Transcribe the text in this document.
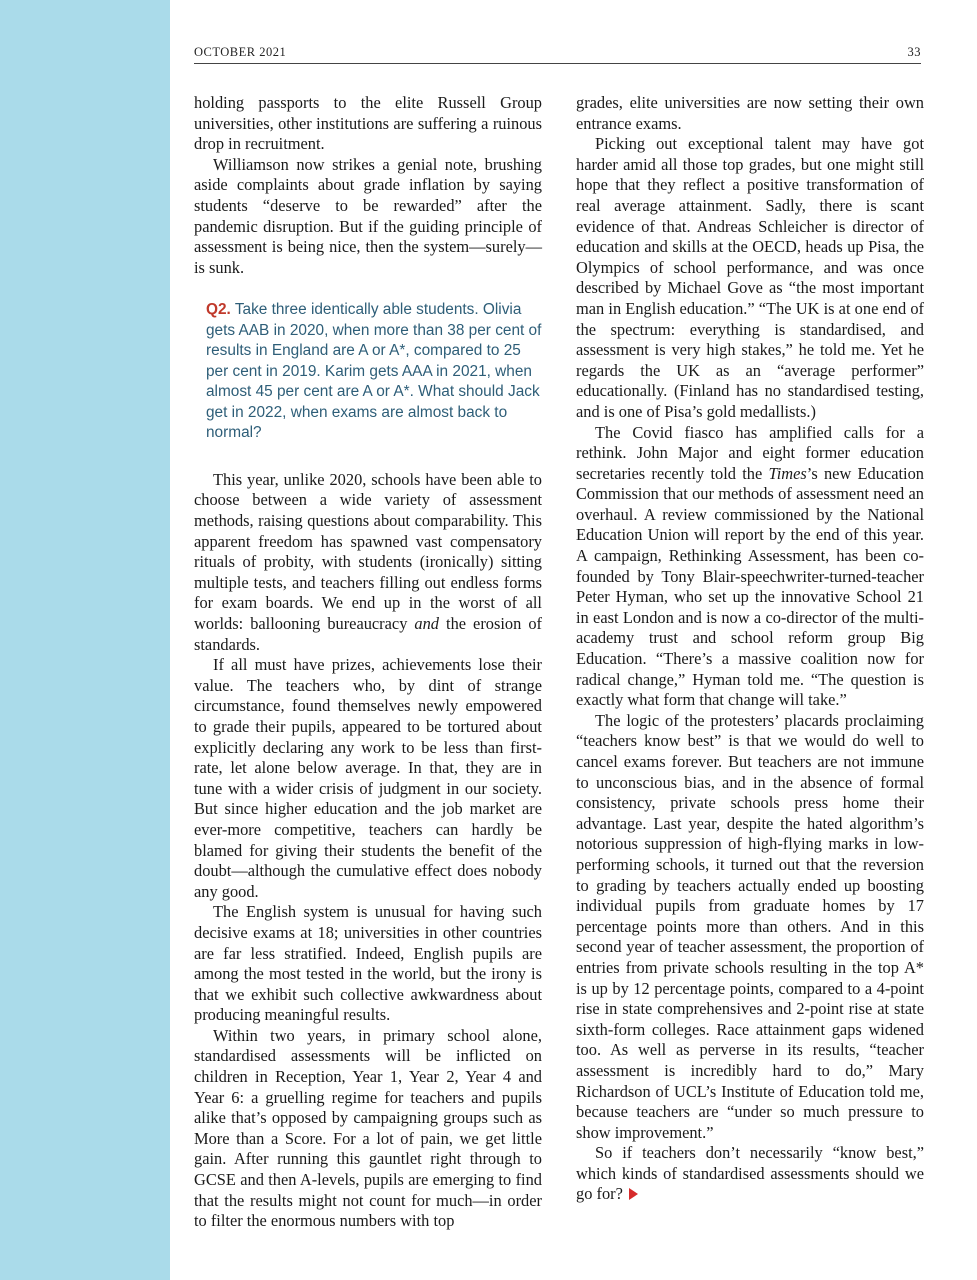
OCTOBER 2021	33

holding passports to the elite Russell Group universities, other institutions are suffering a ruinous drop in recruitment.

Williamson now strikes a genial note, brushing aside complaints about grade inflation by saying students “deserve to be rewarded” after the pandemic disruption. But if the guiding principle of assessment is being nice, then the system—surely—is sunk.

Q2. Take three identically able students. Olivia gets AAB in 2020, when more than 38 per cent of results in England are A or A*, compared to 25 per cent in 2019. Karim gets AAA in 2021, when almost 45 per cent are A or A*. What should Jack get in 2022, when exams are almost back to normal?

This year, unlike 2020, schools have been able to choose between a wide variety of assessment methods, raising questions about comparability. This apparent freedom has spawned vast compensatory rituals of probity, with students (ironically) sitting multiple tests, and teachers filling out endless forms for exam boards. We end up in the worst of all worlds: ballooning bureaucracy and the erosion of standards.

If all must have prizes, achievements lose their value. The teachers who, by dint of strange circumstance, found themselves newly empowered to grade their pupils, appeared to be tortured about explicitly declaring any work to be less than first-rate, let alone below average. In that, they are in tune with a wider crisis of judgment in our society. But since higher education and the job market are ever-more competitive, teachers can hardly be blamed for giving their students the benefit of the doubt—although the cumulative effect does nobody any good.

The English system is unusual for having such decisive exams at 18; universities in other countries are far less stratified. Indeed, English pupils are among the most tested in the world, but the irony is that we exhibit such collective awkwardness about producing meaningful results.

Within two years, in primary school alone, standardised assessments will be inflicted on children in Reception, Year 1, Year 2, Year 4 and Year 6: a gruelling regime for teachers and pupils alike that’s opposed by campaigning groups such as More than a Score. For a lot of pain, we get little gain. After running this gauntlet right through to GCSE and then A-levels, pupils are emerging to find that the results might not count for much—in order to filter the enormous numbers with top

grades, elite universities are now setting their own entrance exams.

Picking out exceptional talent may have got harder amid all those top grades, but one might still hope that they reflect a positive transformation of real average attainment. Sadly, there is scant evidence of that. Andreas Schleicher is director of education and skills at the OECD, heads up Pisa, the Olympics of school performance, and was once described by Michael Gove as “the most important man in English education.” “The UK is at one end of the spectrum: everything is standardised, and assessment is very high stakes,” he told me. Yet he regards the UK as an “average performer” educationally. (Finland has no standardised testing, and is one of Pisa’s gold medallists.)

The Covid fiasco has amplified calls for a rethink. John Major and eight former education secretaries recently told the Times’s new Education Commission that our methods of assessment need an overhaul. A review commissioned by the National Education Union will report by the end of this year. A campaign, Rethinking Assessment, has been co-founded by Tony Blair-speechwriter-turned-teacher Peter Hyman, who set up the innovative School 21 in east London and is now a co-director of the multi-academy trust and school reform group Big Education. “There’s a massive coalition now for radical change,” Hyman told me. “The question is exactly what form that change will take.”

The logic of the protesters’ placards proclaiming “teachers know best” is that we would do well to cancel exams forever. But teachers are not immune to unconscious bias, and in the absence of formal consistency, private schools press home their advantage. Last year, despite the hated algorithm’s notorious suppression of high-flying marks in low-performing schools, it turned out that the reversion to grading by teachers actually ended up boosting individual pupils from graduate homes by 17 percentage points more than others. And in this second year of teacher assessment, the proportion of entries from private schools resulting in the top A* is up by 12 percentage points, compared to a 4-point rise in state comprehensives and 2-point rise at state sixth-form colleges. Race attainment gaps widened too. As well as perverse in its results, “teacher assessment is incredibly hard to do,” Mary Richardson of UCL’s Institute of Education told me, because teachers are “under so much pressure to show improvement.”

So if teachers don’t necessarily “know best,” which kinds of standardised assessments should we go for?
